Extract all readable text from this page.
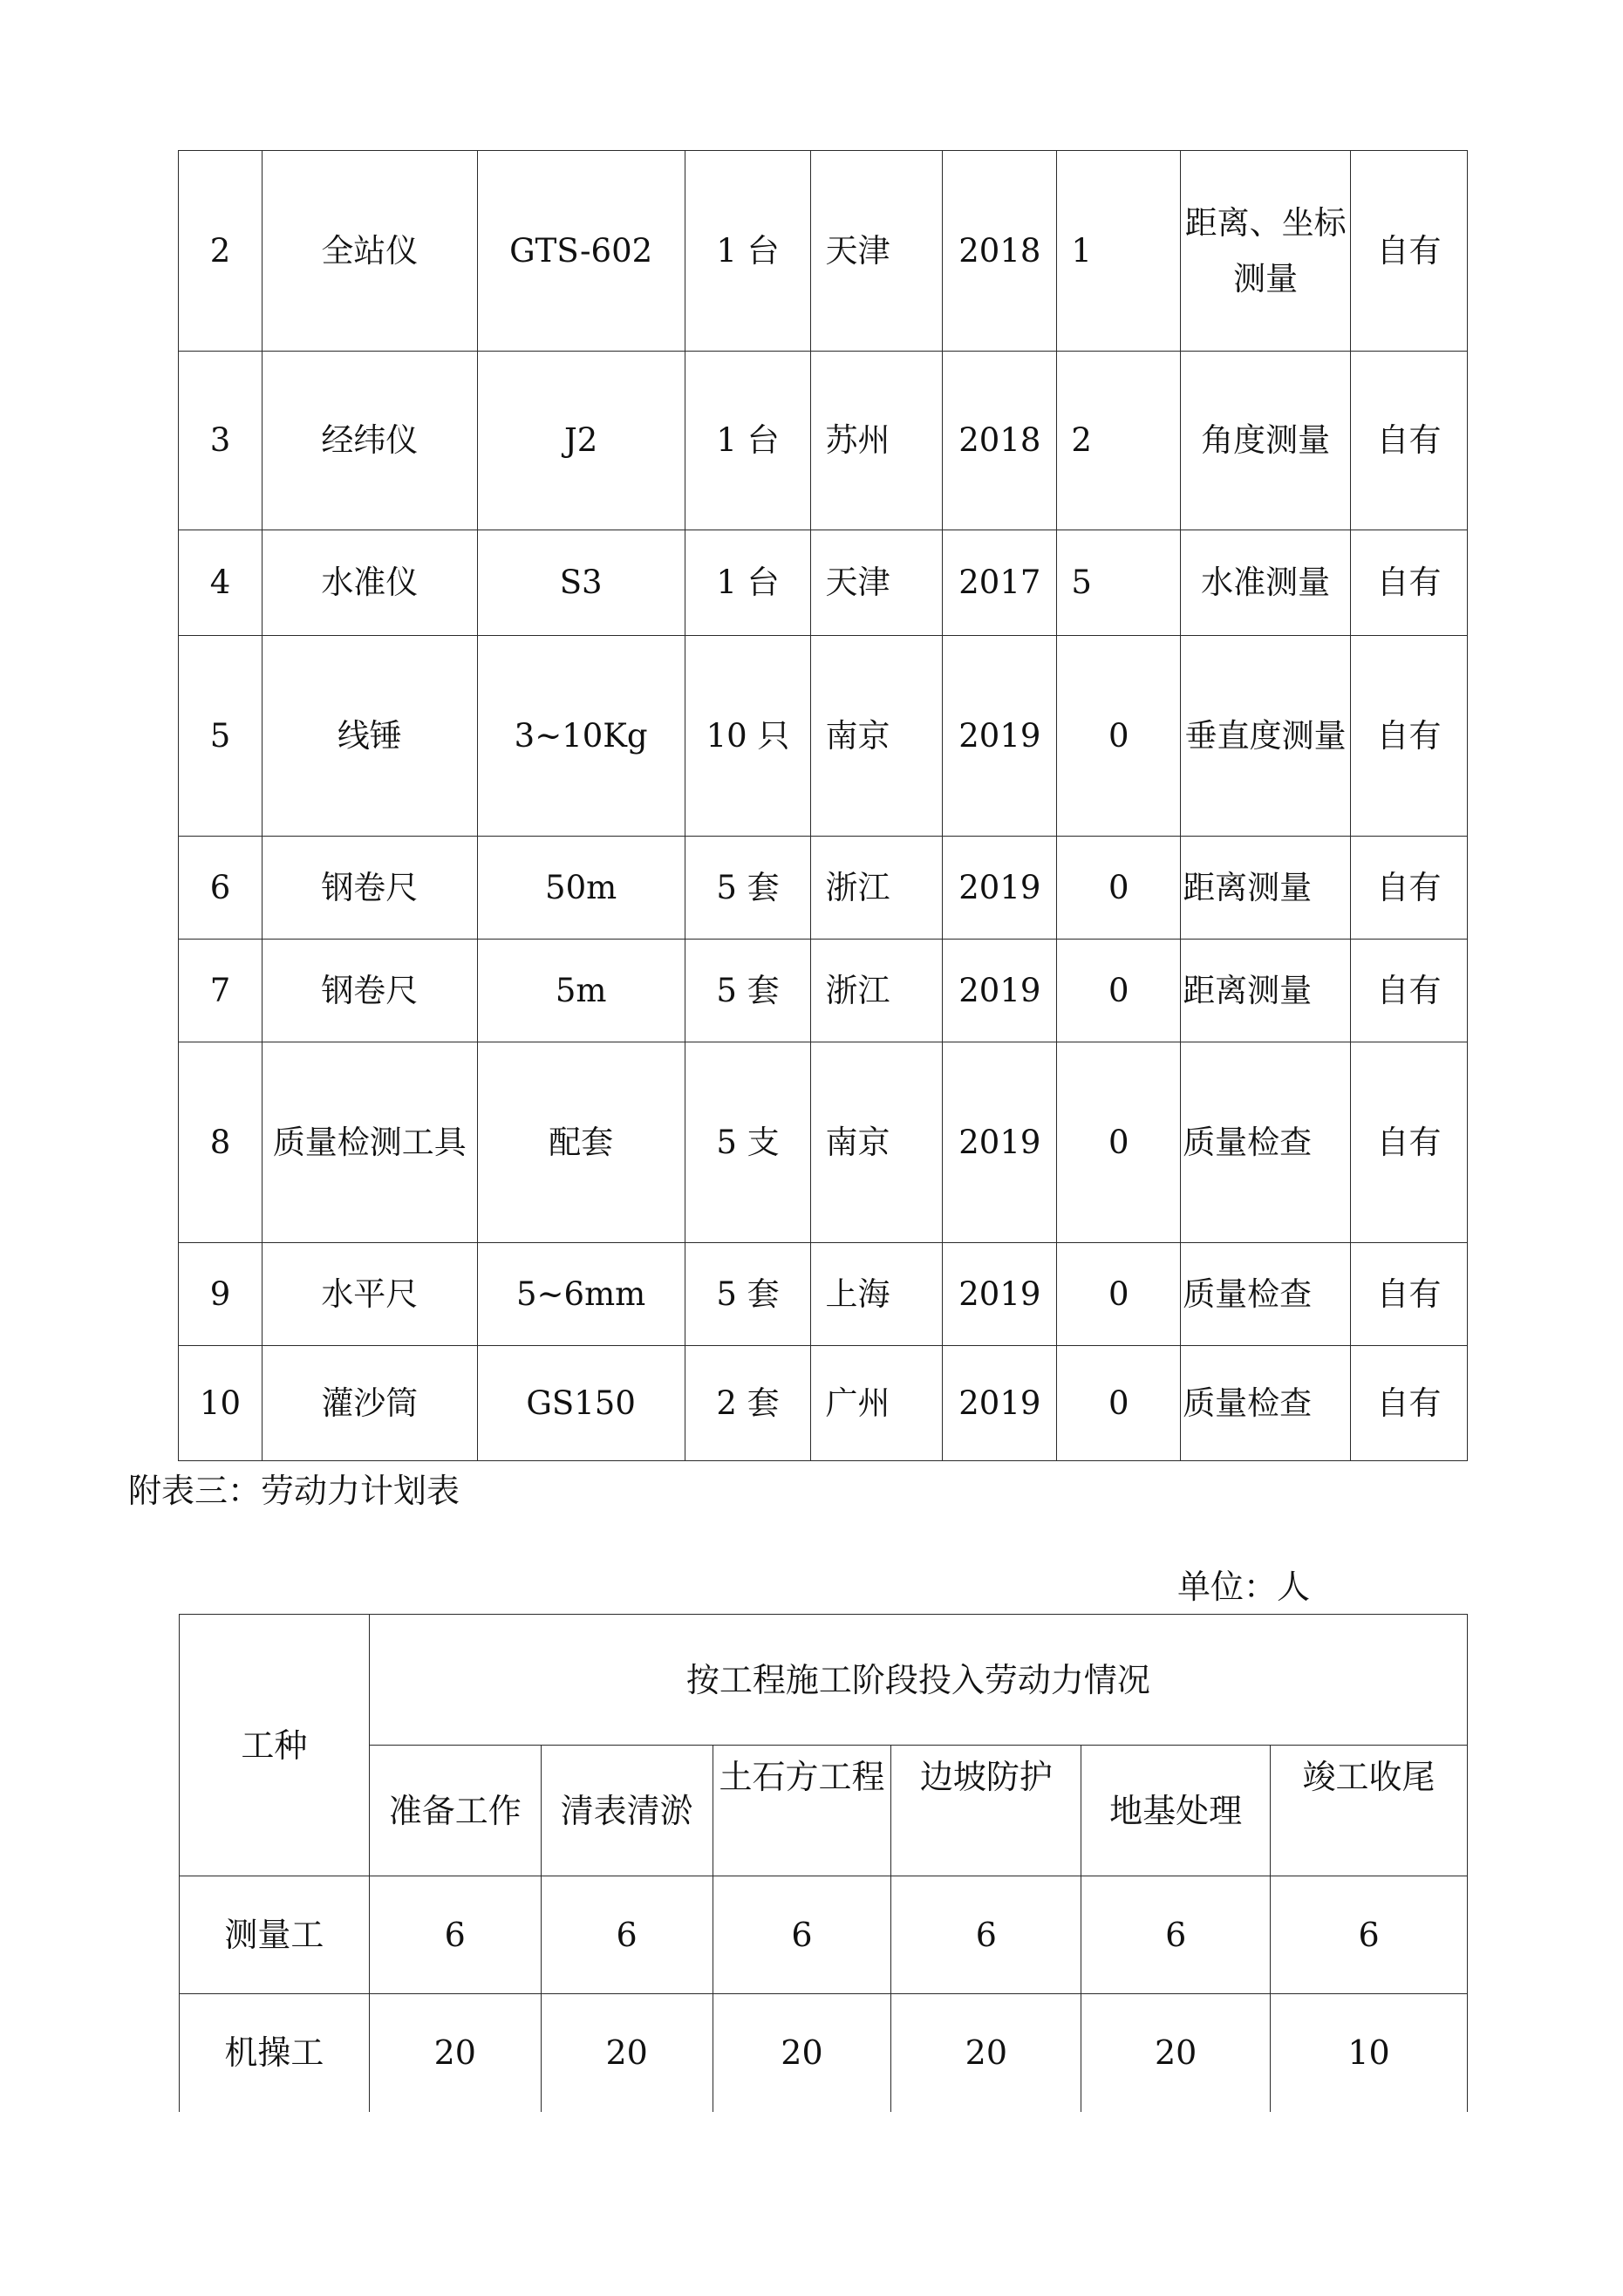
2	全站仪	GTS-602	1 台	天津	2018	1	距离、坐标测量	自有
3	经纬仪	J2	1 台	苏州	2018	2	角度测量	自有
4	水准仪	S3	1 台	天津	2017	5	水准测量	自有
5	线锤	3~10Kg	10 只	南京	2019	0	垂直度测量	自有
6	钢卷尺	50m	5 套	浙江	2019	0	距离测量	自有
7	钢卷尺	5m	5 套	浙江	2019	0	距离测量	自有
8	质量检测工具	配套	5 支	南京	2019	0	质量检查	自有
9	水平尺	5~6mm	5 套	上海	2019	0	质量检查	自有
10	灌沙筒	GS150	2 套	广州	2019	0	质量检查	自有
附表三：劳动力计划表
单位：人
工种	按工程施工阶段投入劳动力情况					
	准备工作	清表清淤	土石方工程	边坡防护	地基处理	竣工收尾
测量工	6	6	6	6	6	6
机操工	20	20	20	20	20	10
